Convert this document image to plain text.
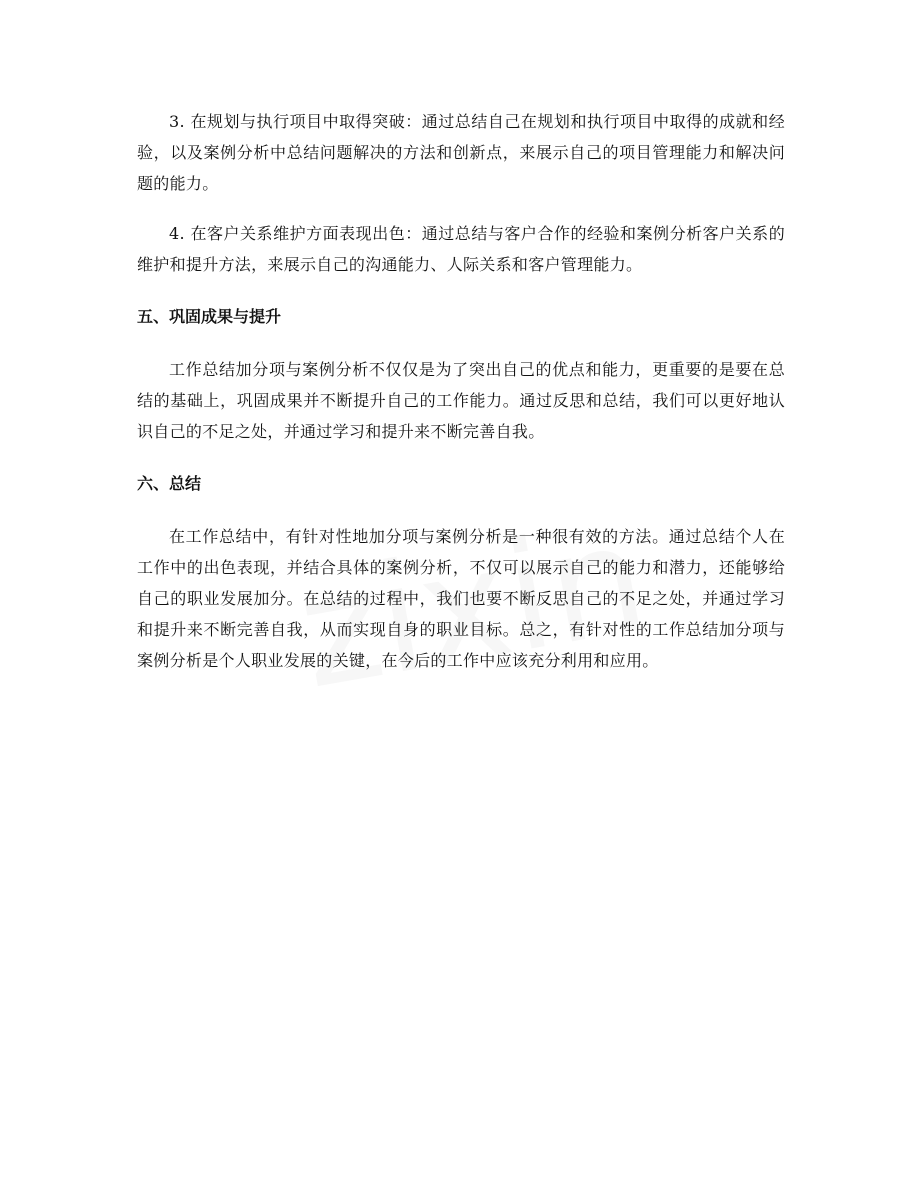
3. 在规划与执行项目中取得突破：通过总结自己在规划和执行项目中取得的成就和经验，以及案例分析中总结问题解决的方法和创新点，来展示自己的项目管理能力和解决问题的能力。

4. 在客户关系维护方面表现出色：通过总结与客户合作的经验和案例分析客户关系的维护和提升方法，来展示自己的沟通能力、人际关系和客户管理能力。

五、巩固成果与提升

工作总结加分项与案例分析不仅仅是为了突出自己的优点和能力，更重要的是要在总结的基础上，巩固成果并不断提升自己的工作能力。通过反思和总结，我们可以更好地认识自己的不足之处，并通过学习和提升来不断完善自我。

六、总结

在工作总结中，有针对性地加分项与案例分析是一种很有效的方法。通过总结个人在工作中的出色表现，并结合具体的案例分析，不仅可以展示自己的能力和潜力，还能够给自己的职业发展加分。在总结的过程中，我们也要不断反思自己的不足之处，并通过学习和提升来不断完善自我，从而实现自身的职业目标。总之，有针对性的工作总结加分项与案例分析是个人职业发展的关键，在今后的工作中应该充分利用和应用。
